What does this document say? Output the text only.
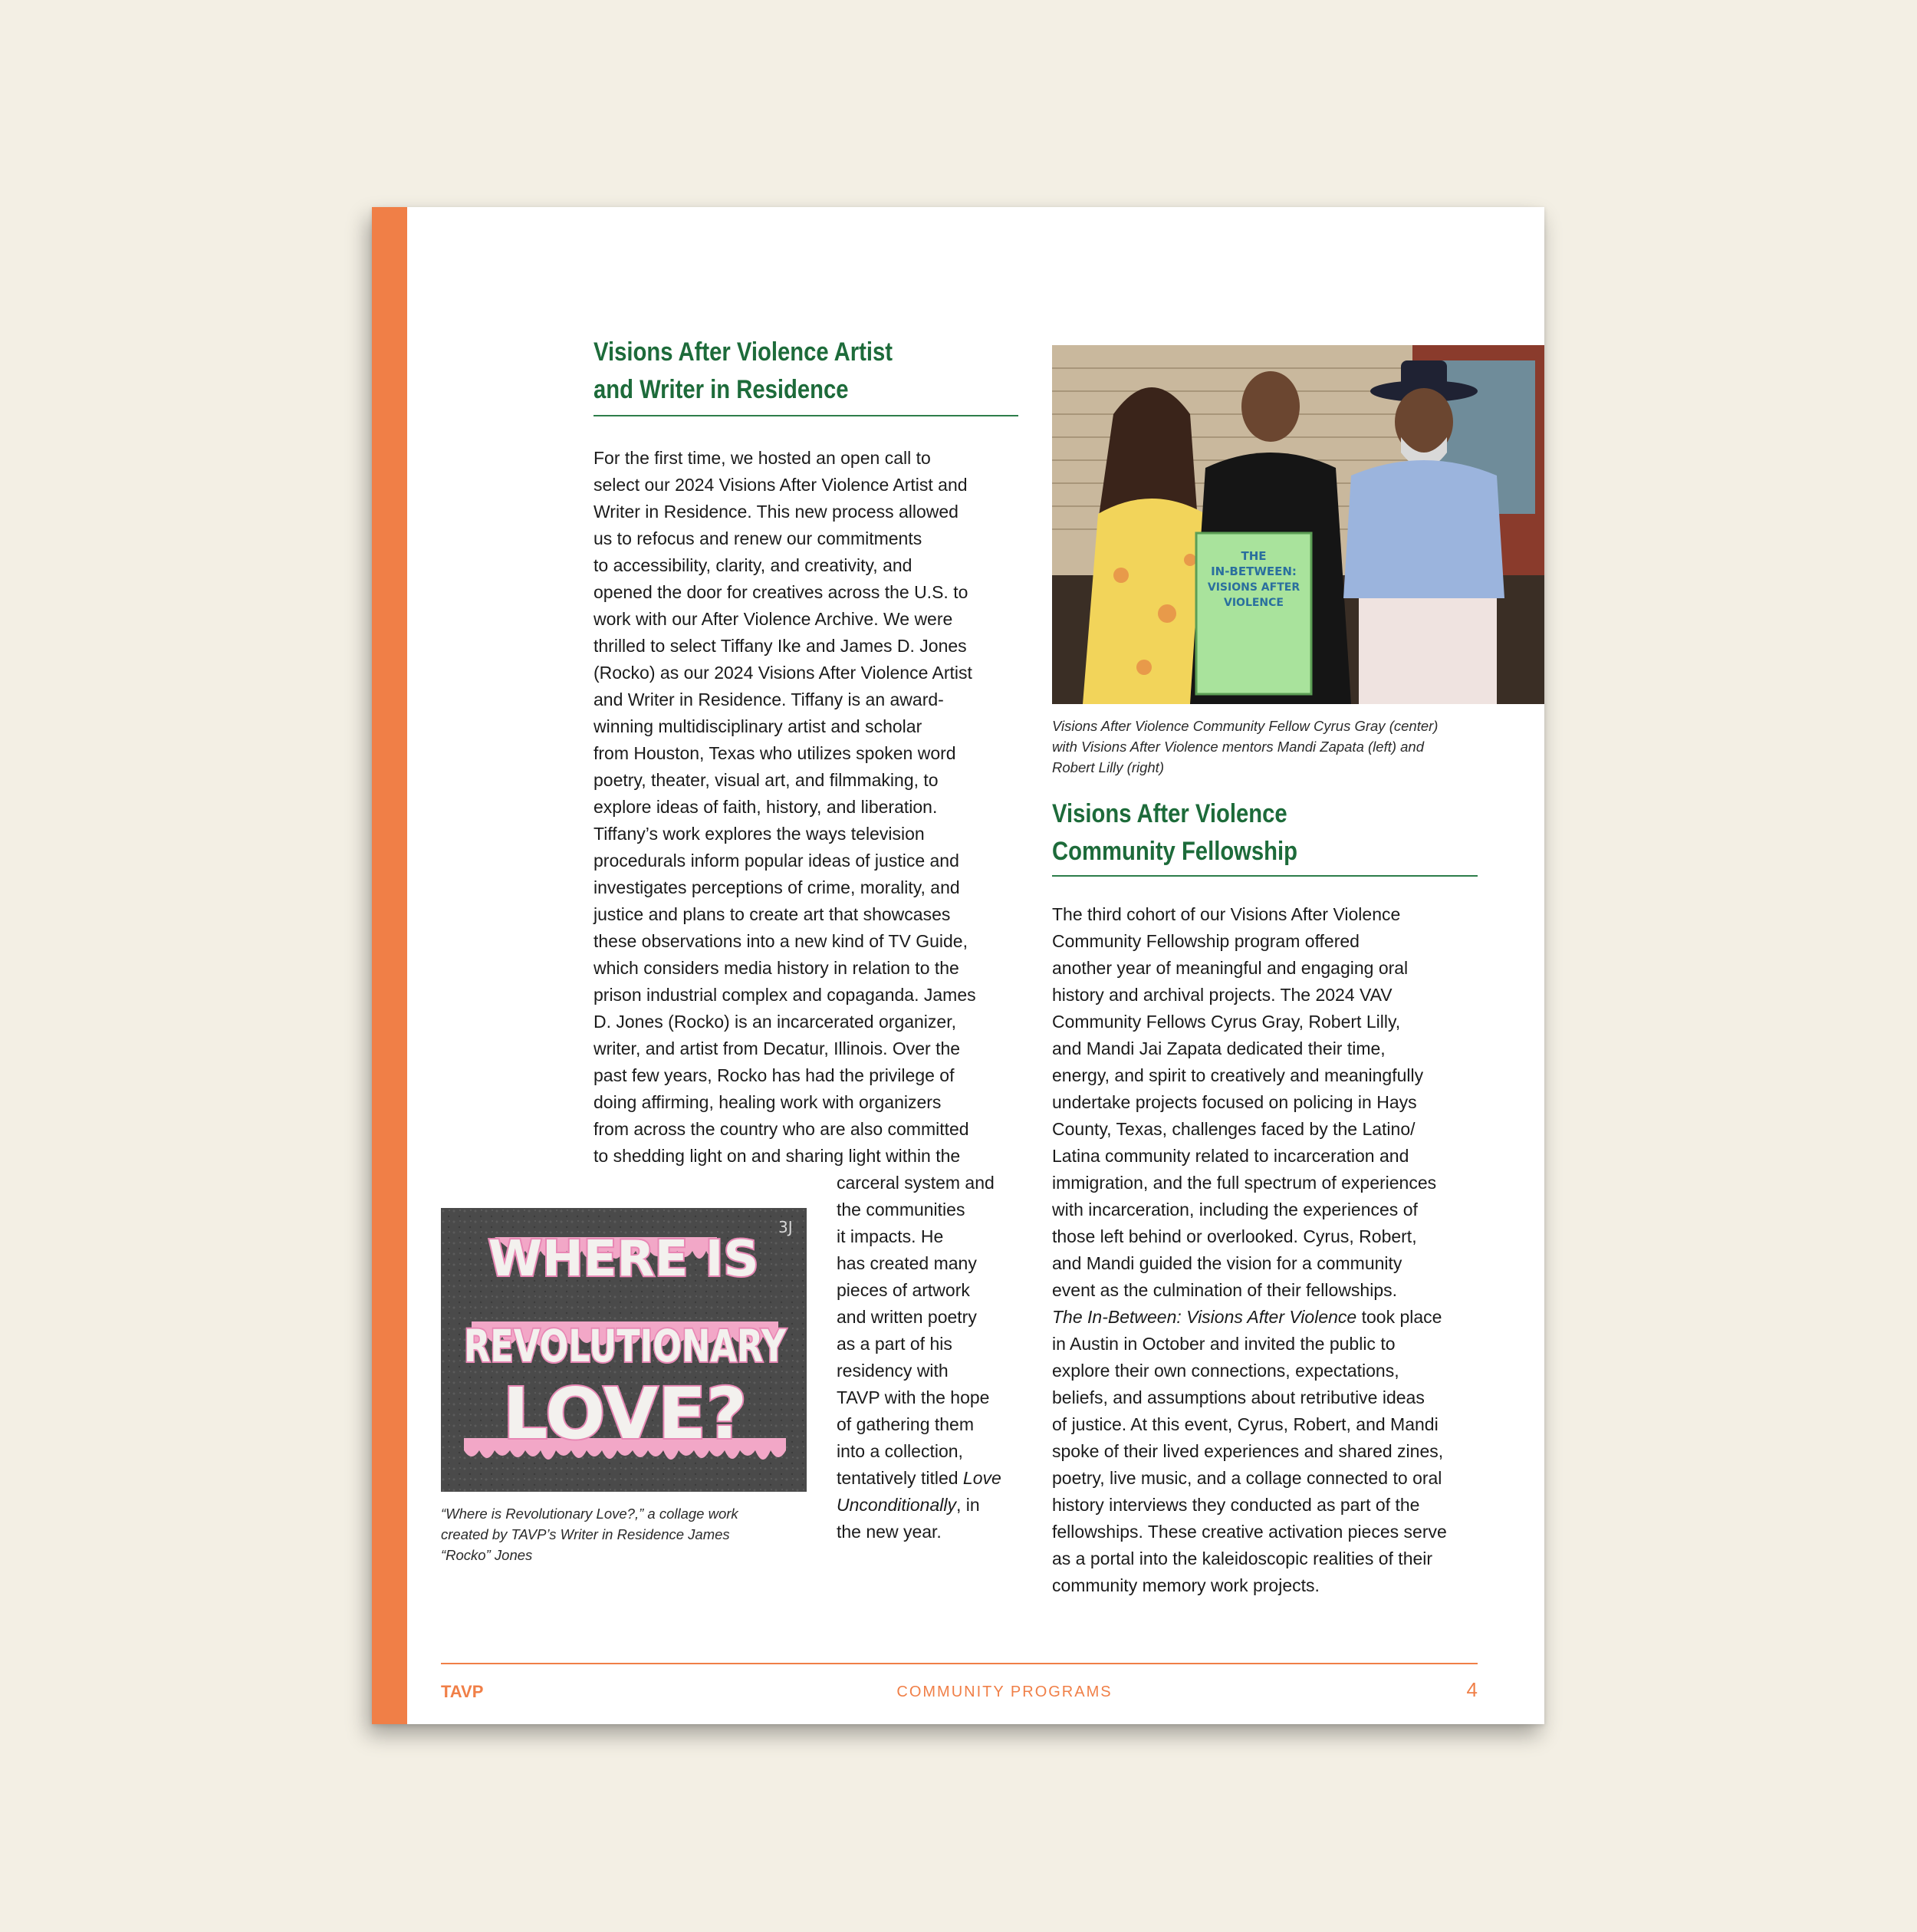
Visions After Violence Artist
and Writer in Residence
For the first time, we hosted an open call to
select our 2024 Visions After Violence Artist and
Writer in Residence. This new process allowed
us to refocus and renew our commitments
to accessibility, clarity, and creativity, and
opened the door for creatives across the U.S. to
work with our After Violence Archive. We were
thrilled to select Tiffany Ike and James D. Jones
(Rocko) as our 2024 Visions After Violence Artist
and Writer in Residence. Tiffany is an award-
winning multidisciplinary artist and scholar
from Houston, Texas who utilizes spoken word
poetry, theater, visual art, and filmmaking, to
explore ideas of faith, history, and liberation.
Tiffany’s work explores the ways television
procedurals inform popular ideas of justice and
investigates perceptions of crime, morality, and
justice and plans to create art that showcases
these observations into a new kind of TV Guide,
which considers media history in relation to the
prison industrial complex and copaganda. James
D. Jones (Rocko) is an incarcerated organizer,
writer, and artist from Decatur, Illinois. Over the
past few years, Rocko has had the privilege of
doing affirming, healing work with organizers
from across the country who are also committed
to shedding light on and sharing light within the
carceral system and
the communities
it impacts. He
has created many
pieces of artwork
and written poetry
as a part of his
residency with
TAVP with the hope
of gathering them
into a collection,
tentatively titled Love
Unconditionally, in
the new year.
WHERE IS
REVOLUTIONARY
LOVE?
3J
“Where is Revolutionary Love?,” a collage work
created by TAVP’s Writer in Residence James
“Rocko” Jones
THE
IN-BETWEEN:
VISIONS AFTER
VIOLENCE
Visions After Violence Community Fellow Cyrus Gray (center)
with Visions After Violence mentors Mandi Zapata (left) and
Robert Lilly (right)
Visions After Violence
Community Fellowship
The third cohort of our Visions After Violence
Community Fellowship program offered
another year of meaningful and engaging oral
history and archival projects. The 2024 VAV
Community Fellows Cyrus Gray, Robert Lilly,
and Mandi Jai Zapata dedicated their time,
energy, and spirit to creatively and meaningfully
undertake projects focused on policing in Hays
County, Texas, challenges faced by the Latino/
Latina community related to incarceration and
immigration, and the full spectrum of experiences
with incarceration, including the experiences of
those left behind or overlooked. Cyrus, Robert,
and Mandi guided the vision for a community
event as the culmination of their fellowships.
The In-Between: Visions After Violence took place
in Austin in October and invited the public to
explore their own connections, expectations,
beliefs, and assumptions about retributive ideas
of justice. At this event, Cyrus, Robert, and Mandi
spoke of their lived experiences and shared zines,
poetry, live music, and a collage connected to oral
history interviews they conducted as part of the
fellowships. These creative activation pieces serve
as a portal into the kaleidoscopic realities of their
community memory work projects.
TAVP	COMMUNITY PROGRAMS	4
